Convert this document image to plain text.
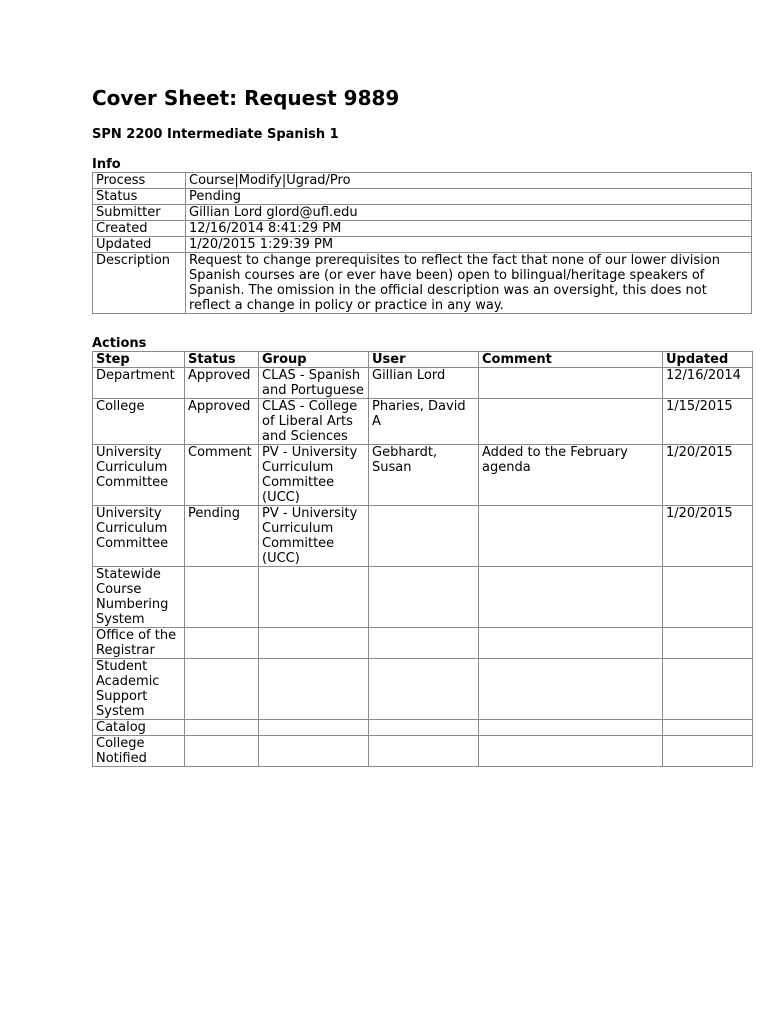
Cover Sheet: Request 9889
SPN 2200 Intermediate Spanish 1
Info
Process	Course|Modify|Ugrad/Pro
Status	Pending
Submitter	Gillian Lord glord@ufl.edu
Created	12/16/2014 8:41:29 PM
Updated	1/20/2015 1:29:39 PM
Description	Request to change prerequisites to reflect the fact that none of our lower division Spanish courses are (or ever have been) open to bilingual/heritage speakers of Spanish. The omission in the official description was an oversight, this does not reflect a change in policy or practice in any way.
Actions
Step	Status	Group	User	Comment	Updated
Department	Approved	CLAS - Spanish and Portuguese	Gillian Lord		12/16/2014
College	Approved	CLAS - College of Liberal Arts and Sciences	Pharies, David A		1/15/2015
University Curriculum Committee	Comment	PV - University Curriculum Committee (UCC)	Gebhardt, Susan	Added to the February agenda	1/20/2015
University Curriculum Committee	Pending	PV - University Curriculum Committee (UCC)			1/20/2015
Statewide Course Numbering System					
Office of the Registrar					
Student Academic Support System					
Catalog					
College Notified					
